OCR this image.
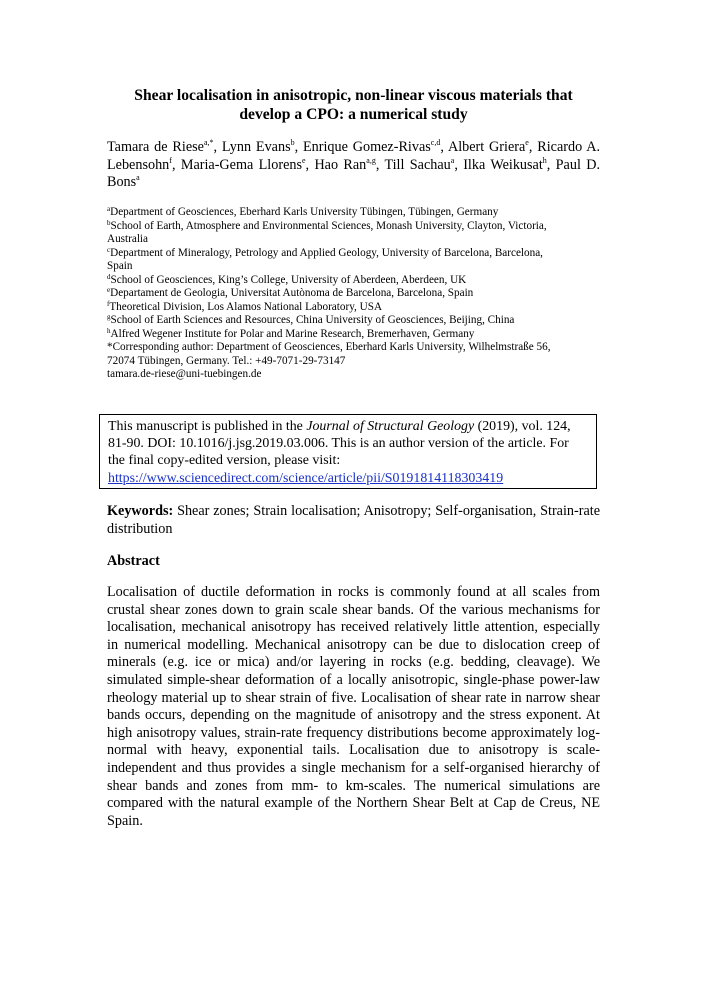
Shear localisation in anisotropic, non-linear viscous materials that
develop a CPO: a numerical study
Tamara de Riese$^{a,*}$, Lynn Evans$^b$, Enrique Gomez-Rivas$^{c,d}$, Albert Griera$^e$, Ricardo A. Lebensohn$^f$, Maria-Gema Llorens$^e$, Hao Ran$^{a,g}$, Till Sachau$^a$, Ilka Weikusat$^h$, Paul D. Bons$^a$
$^a$Department of Geosciences, Eberhard Karls University Tübingen, Tübingen, Germany
$^b$School of Earth, Atmosphere and Environmental Sciences, Monash University, Clayton, Victoria,
Australia
$^c$Department of Mineralogy, Petrology and Applied Geology, University of Barcelona, Barcelona,
Spain
$^d$School of Geosciences, King’s College, University of Aberdeen, Aberdeen, UK
$^e$Departament de Geologia, Universitat Autònoma de Barcelona, Barcelona, Spain
$^f$Theoretical Division, Los Alamos National Laboratory, USA
$^g$School of Earth Sciences and Resources, China University of Geosciences, Beijing, China
$^h$Alfred Wegener Institute for Polar and Marine Research, Bremerhaven, Germany
*Corresponding author: Department of Geosciences, Eberhard Karls University, Wilhelmstraße 56,
72074 Tübingen, Germany. Tel.: +49-7071-29-73147
tamara.de-riese@uni-tuebingen.de
This manuscript is published in the Journal of Structural Geology (2019), vol. 124,
81-90. DOI: 10.1016/j.jsg.2019.03.006. This is an author version of the article. For
the final copy-edited version, please visit:
https://www.sciencedirect.com/science/article/pii/S0191814118303419
Keywords: Shear zones; Strain localisation; Anisotropy; Self-organisation, Strain-rate distribution
Abstract
Localisation of ductile deformation in rocks is commonly found at all scales from
crustal shear zones down to grain scale shear bands. Of the various mechanisms for
localisation, mechanical anisotropy has received relatively little attention, especially
in numerical modelling. Mechanical anisotropy can be due to dislocation creep of
minerals (e.g. ice or mica) and/or layering in rocks (e.g. bedding, cleavage). We
simulated simple-shear deformation of a locally anisotropic, single-phase power-law
rheology material up to shear strain of five. Localisation of shear rate in narrow shear
bands occurs, depending on the magnitude of anisotropy and the stress exponent. At
high anisotropy values, strain-rate frequency distributions become approximately log-
normal with heavy, exponential tails. Localisation due to anisotropy is scale-
independent and thus provides a single mechanism for a self-organised hierarchy of
shear bands and zones from mm- to km-scales. The numerical simulations are
compared with the natural example of the Northern Shear Belt at Cap de Creus, NE
Spain.
